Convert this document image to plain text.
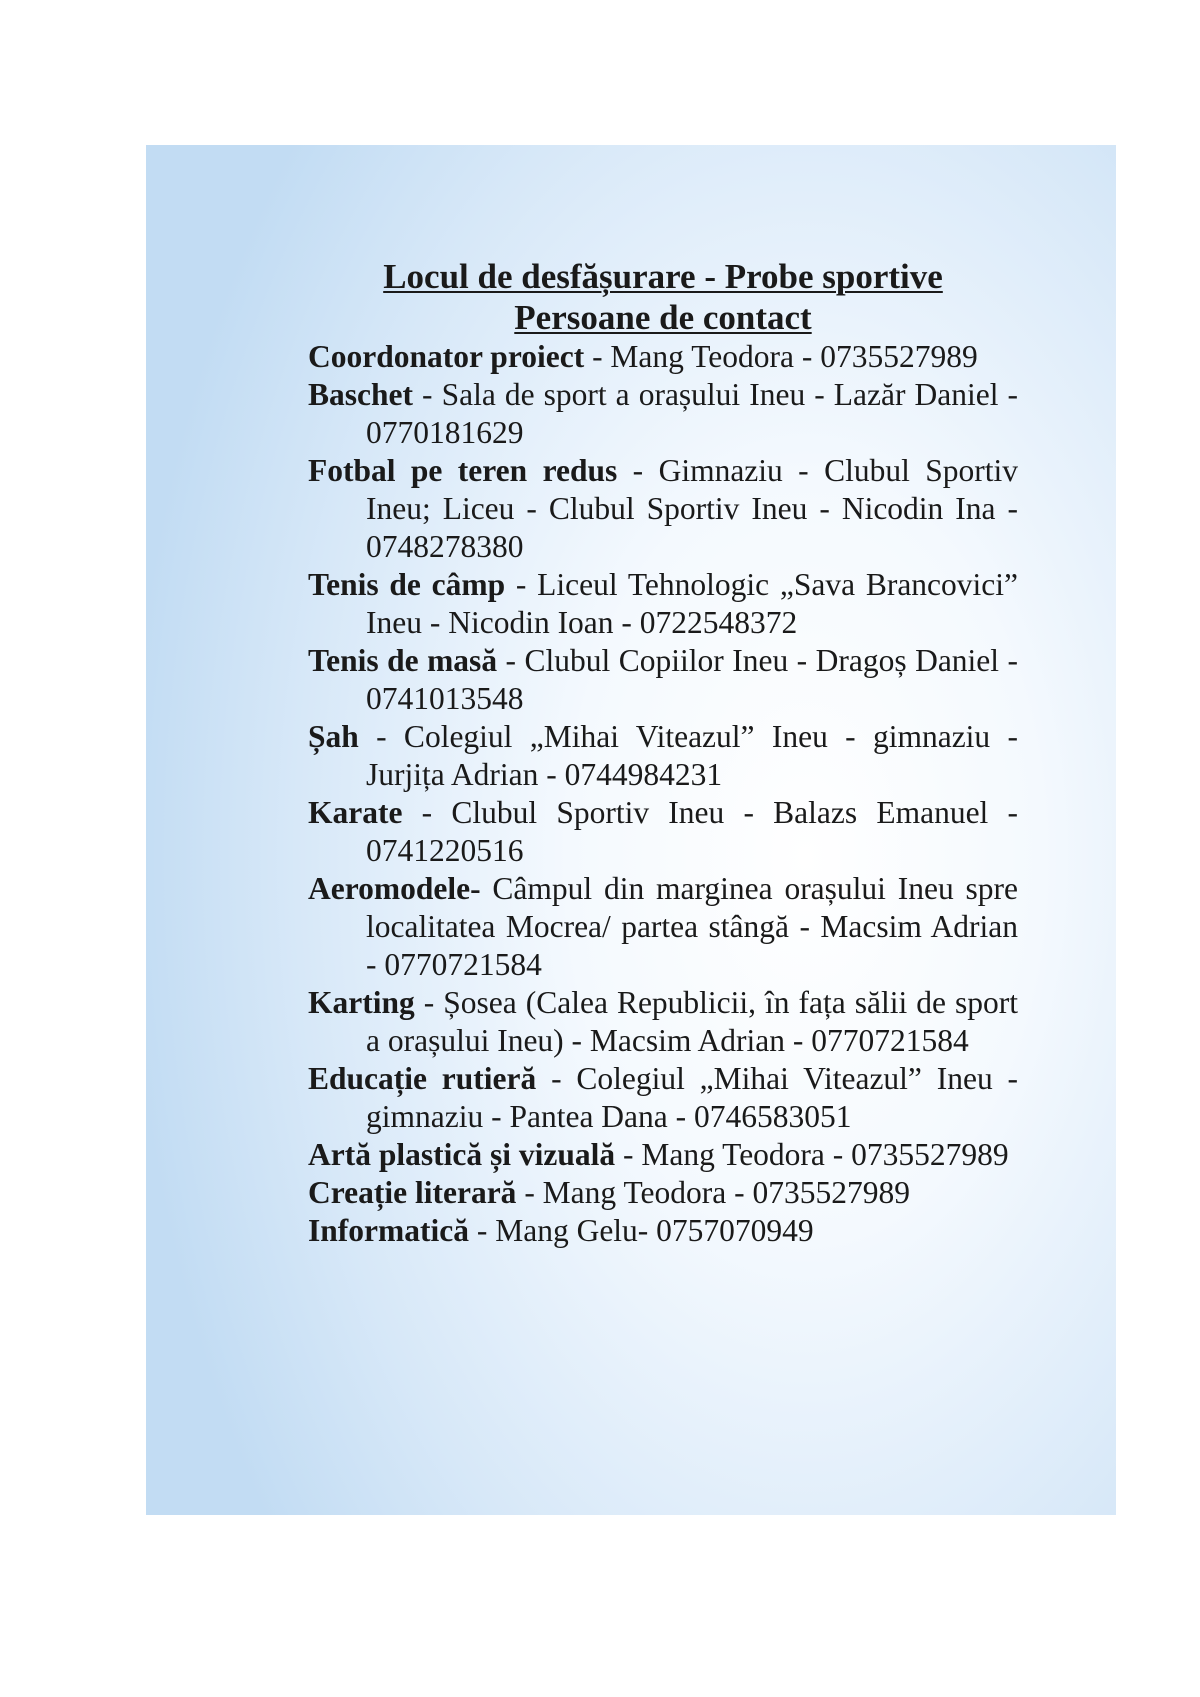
Locul de desfășurare - Probe sportive

Persoane de contact

Coordonator proiect - Mang Teodora - 0735527989

Baschet - Sala de sport a orașului Ineu - Lazăr Daniel - 0770181629

Fotbal pe teren redus - Gimnaziu - Clubul Sportiv Ineu; Liceu - Clubul Sportiv Ineu - Nicodin Ina - 0748278380

Tenis de câmp - Liceul Tehnologic „Sava Brancovici” Ineu - Nicodin Ioan - 0722548372

Tenis de masă - Clubul Copiilor Ineu - Dragoș Daniel - 0741013548

Șah - Colegiul „Mihai Viteazul” Ineu - gimnaziu - Jurjița Adrian - 0744984231

Karate - Clubul Sportiv Ineu - Balazs Emanuel - 0741220516

Aeromodele- Câmpul din marginea orașului Ineu spre localitatea Mocrea/ partea stângă - Macsim Adrian - 0770721584

Karting - Șosea (Calea Republicii, în fața sălii de sport a orașului Ineu) - Macsim Adrian - 0770721584

Educație rutieră - Colegiul „Mihai Viteazul” Ineu - gimnaziu - Pantea Dana - 0746583051

Artă plastică și vizuală - Mang Teodora - 0735527989

Creație literară - Mang Teodora - 0735527989

Informatică - Mang Gelu- 0757070949
